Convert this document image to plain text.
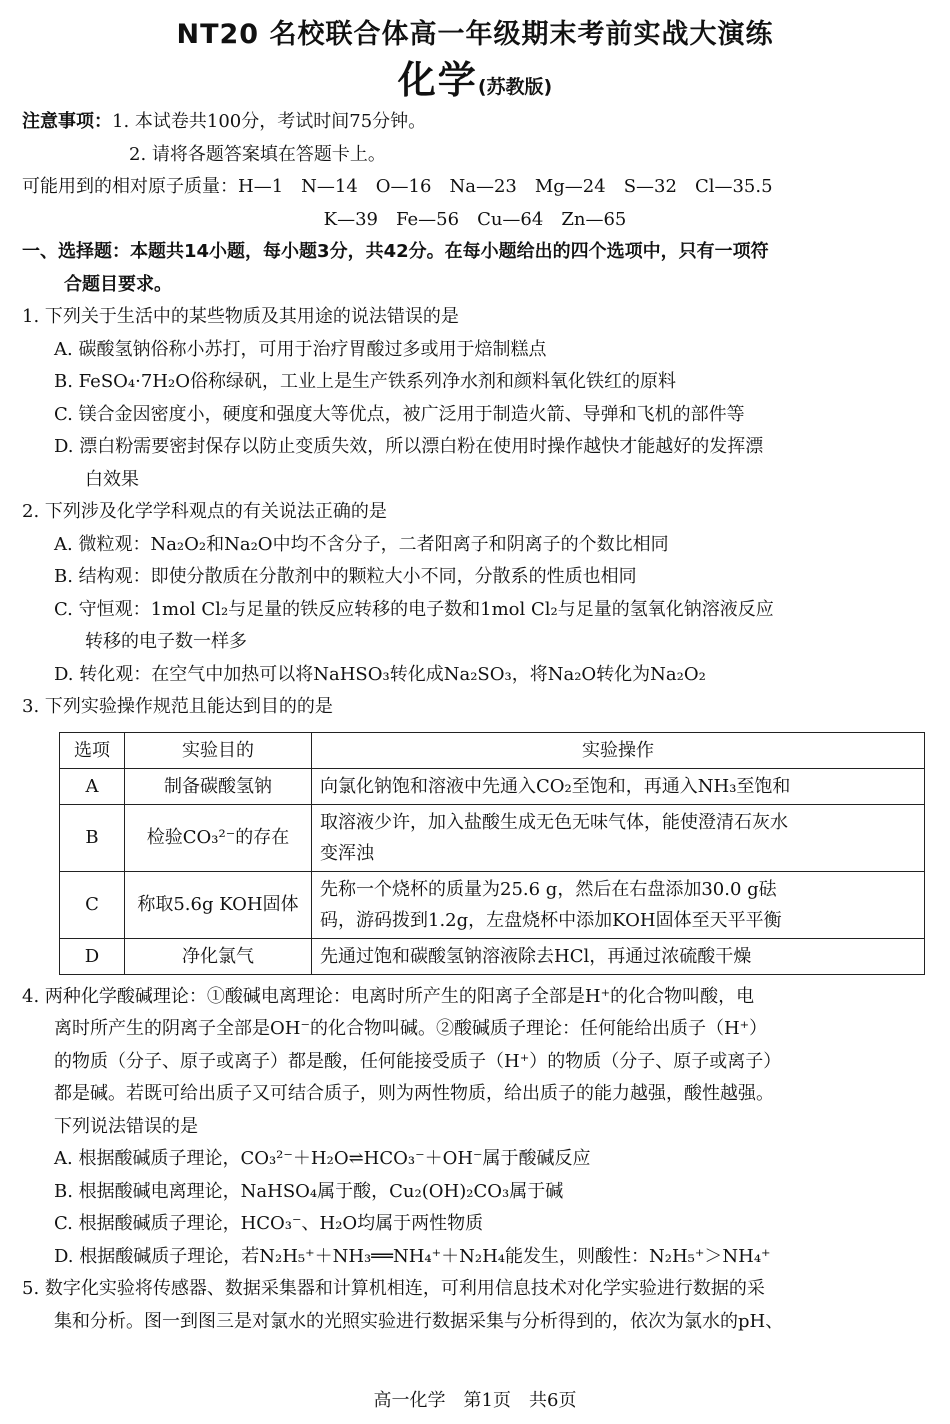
NT20 名校联合体高一年级期末考前实战大演练
化学(苏教版)
注意事项：1. 本试卷共100分，考试时间75分钟。
2. 请将各题答案填在答题卡上。
可能用到的相对原子质量：H—1　N—14　O—16　Na—23　Mg—24　S—32　Cl—35.5
K—39　Fe—56　Cu—64　Zn—65
一、选择题：本题共14小题，每小题3分，共42分。在每小题给出的四个选项中，只有一项符
合题目要求。
1. 下列关于生活中的某些物质及其用途的说法错误的是
A. 碳酸氢钠俗称小苏打，可用于治疗胃酸过多或用于焙制糕点
B. FeSO₄·7H₂O俗称绿矾，工业上是生产铁系列净水剂和颜料氧化铁红的原料
C. 镁合金因密度小，硬度和强度大等优点，被广泛用于制造火箭、导弹和飞机的部件等
D. 漂白粉需要密封保存以防止变质失效，所以漂白粉在使用时操作越快才能越好的发挥漂
白效果
2. 下列涉及化学学科观点的有关说法正确的是
A. 微粒观：Na₂O₂和Na₂O中均不含分子，二者阳离子和阴离子的个数比相同
B. 结构观：即使分散质在分散剂中的颗粒大小不同，分散系的性质也相同
C. 守恒观：1mol Cl₂与足量的铁反应转移的电子数和1mol Cl₂与足量的氢氧化钠溶液反应
转移的电子数一样多
D. 转化观：在空气中加热可以将NaHSO₃转化成Na₂SO₃，将Na₂O转化为Na₂O₂
3. 下列实验操作规范且能达到目的的是
选项	实验目的	实验操作
A	制备碳酸氢钠	向氯化钠饱和溶液中先通入CO₂至饱和，再通入NH₃至饱和

B	检验CO₃²⁻的存在	取溶液少许，加入盐酸生成无色无味气体，能使澄清石灰水
变浑浊

C	称取5.6g KOH固体	先称一个烧杯的质量为25.6 g，然后在右盘添加30.0 g砝
码，游码拨到1.2g，左盘烧杯中添加KOH固体至天平平衡

D	净化氯气	先通过饱和碳酸氢钠溶液除去HCl，再通过浓硫酸干燥
4. 两种化学酸碱理论：①酸碱电离理论：电离时所产生的阳离子全部是H⁺的化合物叫酸，电
离时所产生的阴离子全部是OH⁻的化合物叫碱。②酸碱质子理论：任何能给出质子（H⁺）
的物质（分子、原子或离子）都是酸，任何能接受质子（H⁺）的物质（分子、原子或离子）
都是碱。若既可给出质子又可结合质子，则为两性物质，给出质子的能力越强，酸性越强。
下列说法错误的是
A. 根据酸碱质子理论，CO₃²⁻＋H₂O⇌HCO₃⁻＋OH⁻属于酸碱反应
B. 根据酸碱电离理论，NaHSO₄属于酸，Cu₂(OH)₂CO₃属于碱
C. 根据酸碱质子理论，HCO₃⁻、H₂O均属于两性物质
D. 根据酸碱质子理论，若N₂H₅⁺＋NH₃══NH₄⁺＋N₂H₄能发生，则酸性：N₂H₅⁺＞NH₄⁺
5. 数字化实验将传感器、数据采集器和计算机相连，可利用信息技术对化学实验进行数据的采
集和分析。图一到图三是对氯水的光照实验进行数据采集与分析得到的，依次为氯水的pH、
高一化学　第1页　共6页
